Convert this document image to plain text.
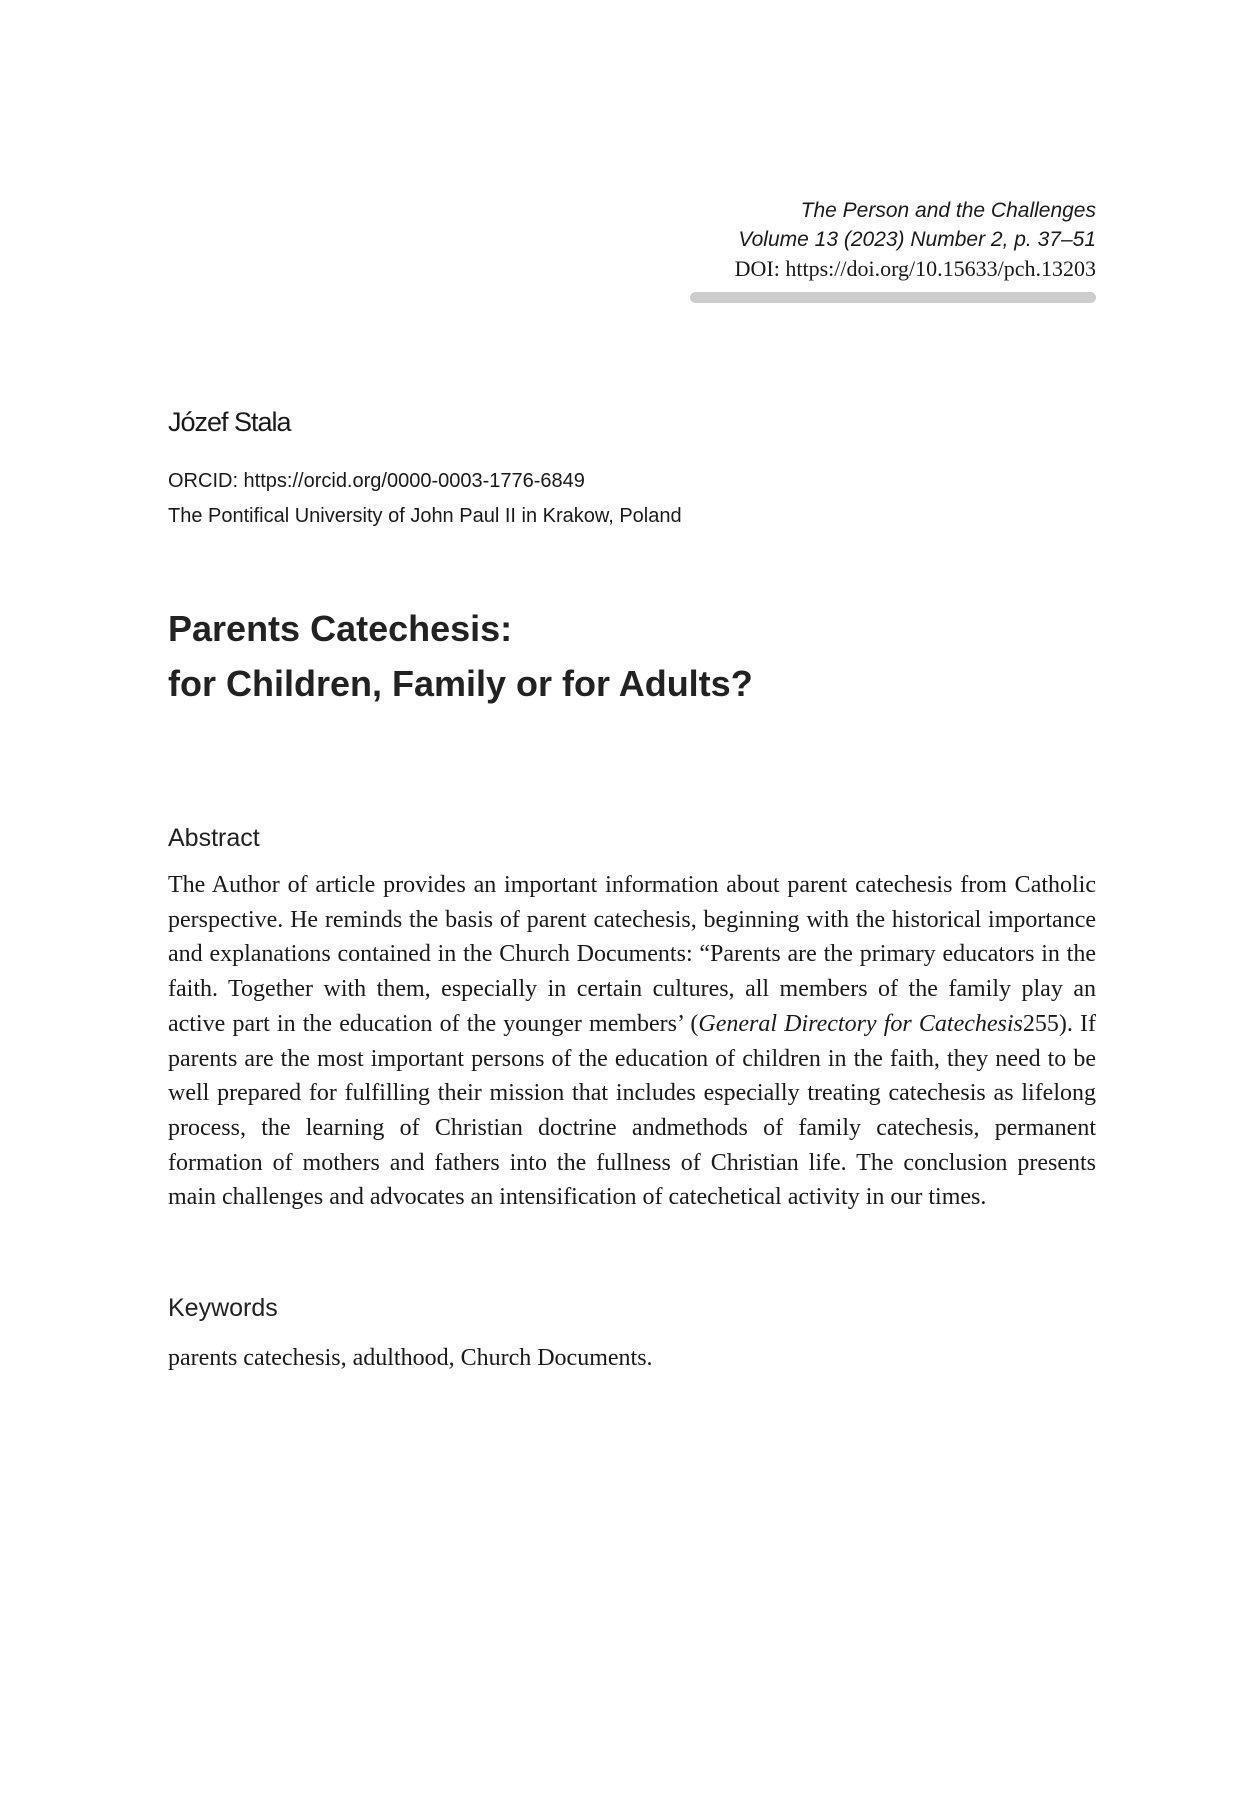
The Person and the Challenges
Volume 13 (2023) Number 2, p. 37–51
DOI: https://doi.org/10.15633/pch.13203

Józef Stala

ORCID: https://orcid.org/0000-0003-1776-6849

The Pontifical University of John Paul II in Krakow, Poland

Parents Catechesis:
for Children, Family or for Adults?
Abstract

The Author of article provides an important information about parent catechesis from Catholic perspective. He reminds the basis of parent catechesis, beginning with the historical importance and explanations contained in the Church Documents: “Parents are the primary educators in the faith. Together with them, especially in certain cultures, all members of the family play an active part in the education of the younger members’ (General Directory for Catechesis255). If parents are the most important persons of the education of children in the faith, they need to be well prepared for fulfilling their mission that includes especially treating catechesis as lifelong process, the learning of Christian doctrine andmethods of family catechesis, permanent formation of mothers and fathers into the fullness of Christian life. The conclusion presents main challenges and advocates an intensification of catechetical activity in our times.

Keywords

parents catechesis, adulthood, Church Documents.
